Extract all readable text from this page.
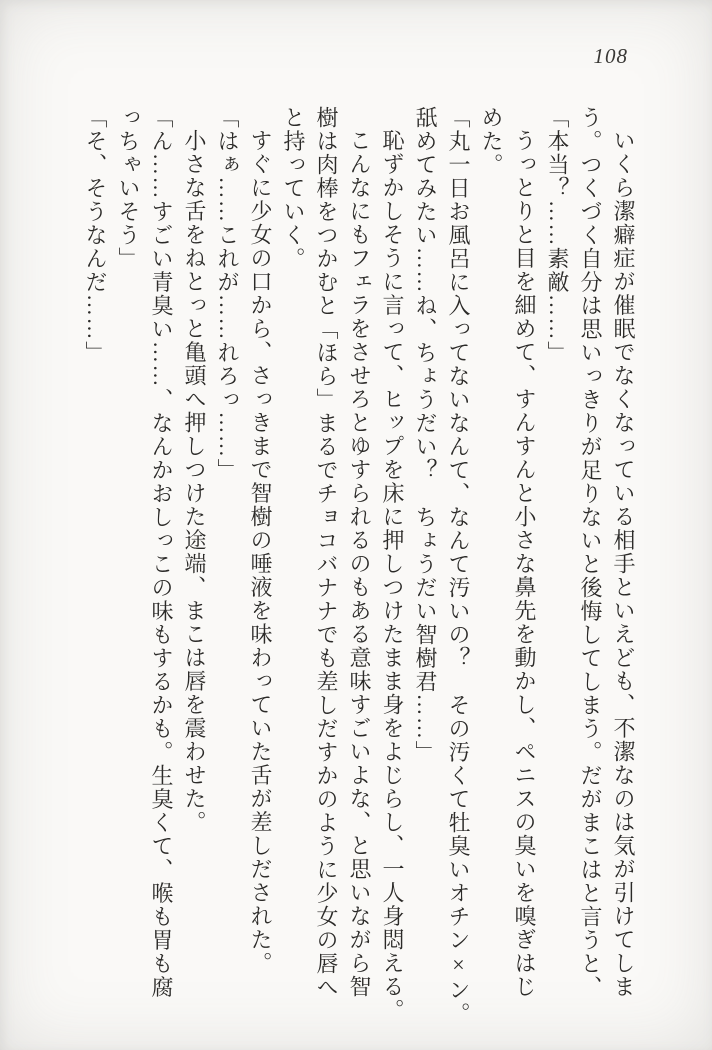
108
いくら潔癖症が催眠でなくなっている相手といえども、不潔なのは気が引けてしま
う。つくづく自分は思いっきりが足りないと後悔してしまう。だがまこはと言うと、
「本当？……素敵……」
うっとりと目を細めて、すんすんと小さな鼻先を動かし、ペニスの臭いを嗅ぎはじ
めた。
「丸一日お風呂に入ってないなんて、なんて汚いの？　その汚くて牡臭いオチン×ン。
舐めてみたい……ね、ちょうだい？　ちょうだい智樹君……」
恥ずかしそうに言って、ヒップを床に押しつけたまま身をよじらし、一人身悶える。
こんなにもフェラをさせろとゆすられるのもある意味すごいよな、と思いながら智
樹は肉棒をつかむと「ほら」まるでチョコバナナでも差しだすかのように少女の唇へ
と持っていく。
すぐに少女の口から、さっきまで智樹の唾液を味わっていた舌が差しだされた。
「はぁ……これが……れろっ……」
小さな舌をねとっと亀頭へ押しつけた途端、まこは唇を震わせた。
「ん……すごい青臭い……、なんかおしっこの味もするかも。生臭くて、喉も胃も腐
っちゃいそう」
「そ、そうなんだ……」
